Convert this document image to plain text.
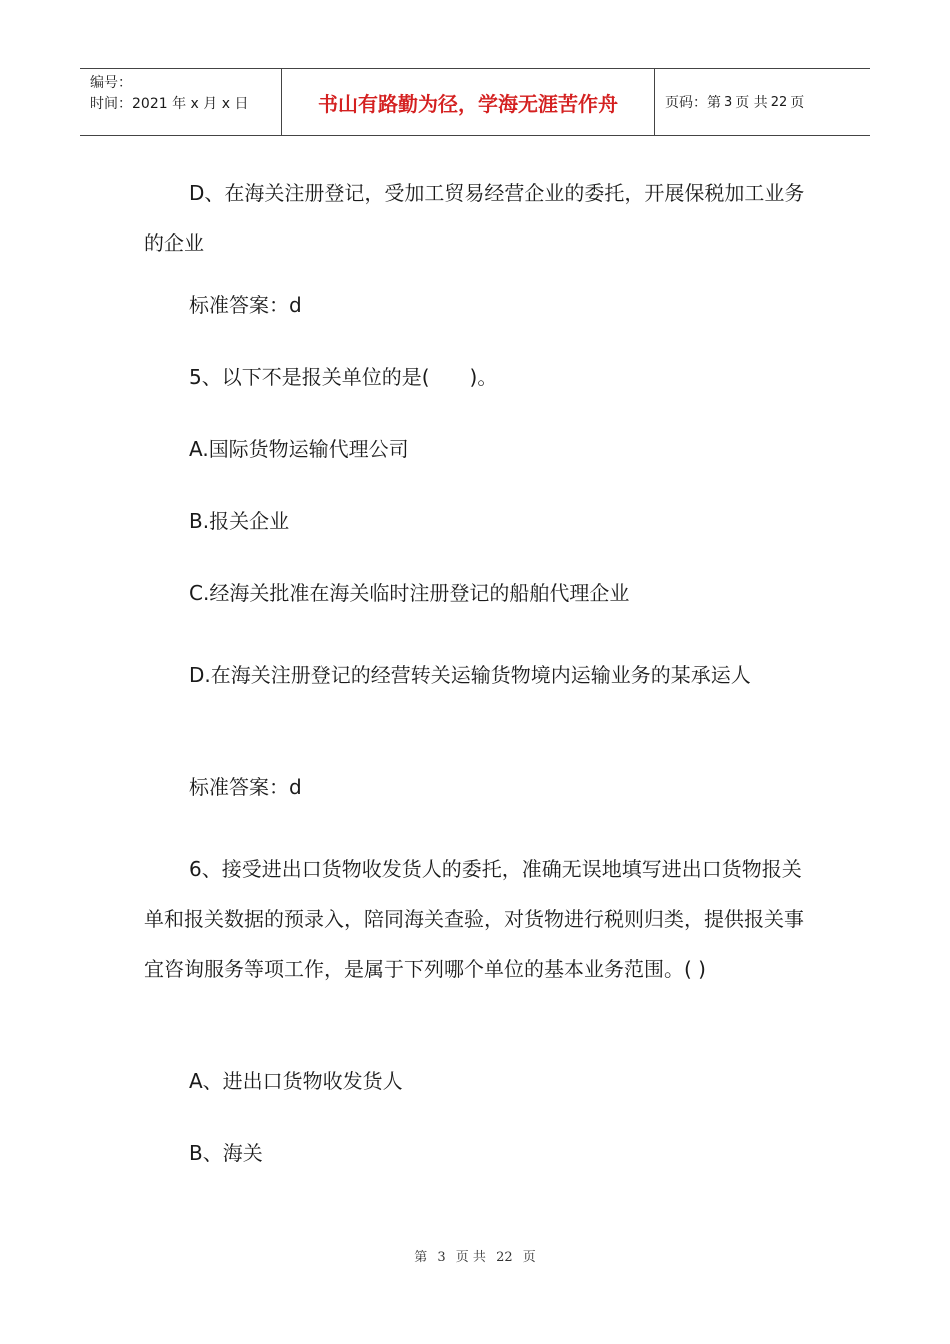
编号：
时间：2021 年 x 月 x 日	书山有路勤为径，学海无涯苦作舟	页码：第 3 页 共 22 页

D、在海关注册登记，受加工贸易经营企业的委托，开展保税加工业务的企业

标准答案：d

5、以下不是报关单位的是(　　)。

A.国际货物运输代理公司

B.报关企业

C.经海关批准在海关临时注册登记的船舶代理企业

D.在海关注册登记的经营转关运输货物境内运输业务的某承运人

标准答案：d

6、接受进出口货物收发货人的委托，准确无误地填写进出口货物报关单和报关数据的预录入，陪同海关查验，对货物进行税则归类，提供报关事宜咨询服务等项工作，是属于下列哪个单位的基本业务范围。( )

A、进出口货物收发货人

B、海关

第 3 页 共 22 页
